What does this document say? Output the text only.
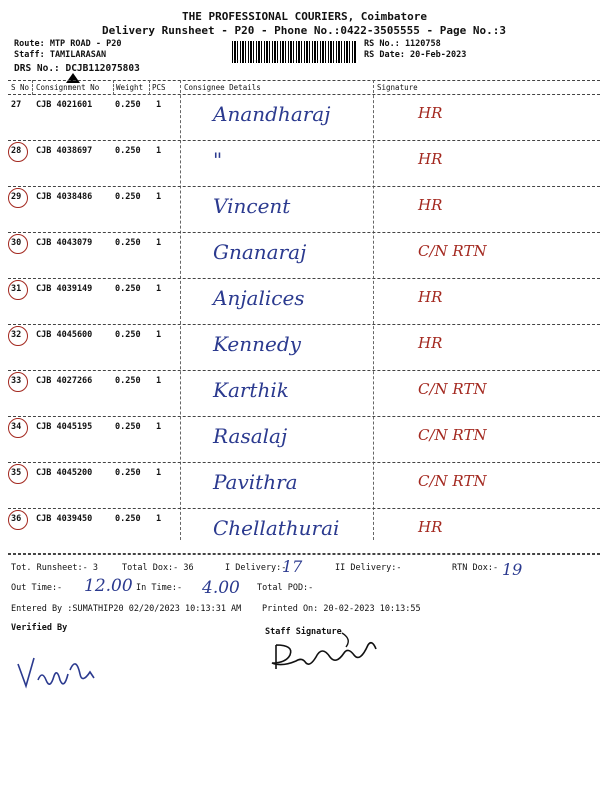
THE PROFESSIONAL COURIERS, Coimbatore
Delivery Runsheet - P20 - Phone No.:0422-3505555 - Page No.:3
Route: MTP ROAD - P20
Staff: TAMILARASAN
DRS No.: DCJB112075803
RS No.: 1120758
RS Date: 20-Feb-2023
S No Consignment No Weight PCS Consignee Details	Signature
27 CJB 4021601	0.250 1	Anandharaj	HR
28 CJB 4038697	0.250 1	"	HR
29 CJB 4038486	0.250 1	Vincent	HR
30 CJB 4043079	0.250 1	Gnanaraj	C/N RTN
31 CJB 4039149	0.250 1	Anjalices	HR
32 CJB 4045600	0.250 1	Kennedy	HR
33 CJB 4027266	0.250 1	Karthik	C/N RTN
34 CJB 4045195	0.250 1	Rasalaj	C/N RTN
35 CJB 4045200	0.250 1	Pavithra	C/N RTN
36 CJB 4039450	0.250 1	Chellathurai	HR
Tot. Runsheet:- 3	Total Dox:- 36	I Delivery:-
17	II Delivery:-	RTN Dox:- 19
Out Time:- 12.00 In Time:- 4.00 Total POD:-
Entered By :SUMATHIP20 02/20/2023 10:13:31 AM Printed On: 20-02-2023 10:13:55
Verified By	Staff Signature
